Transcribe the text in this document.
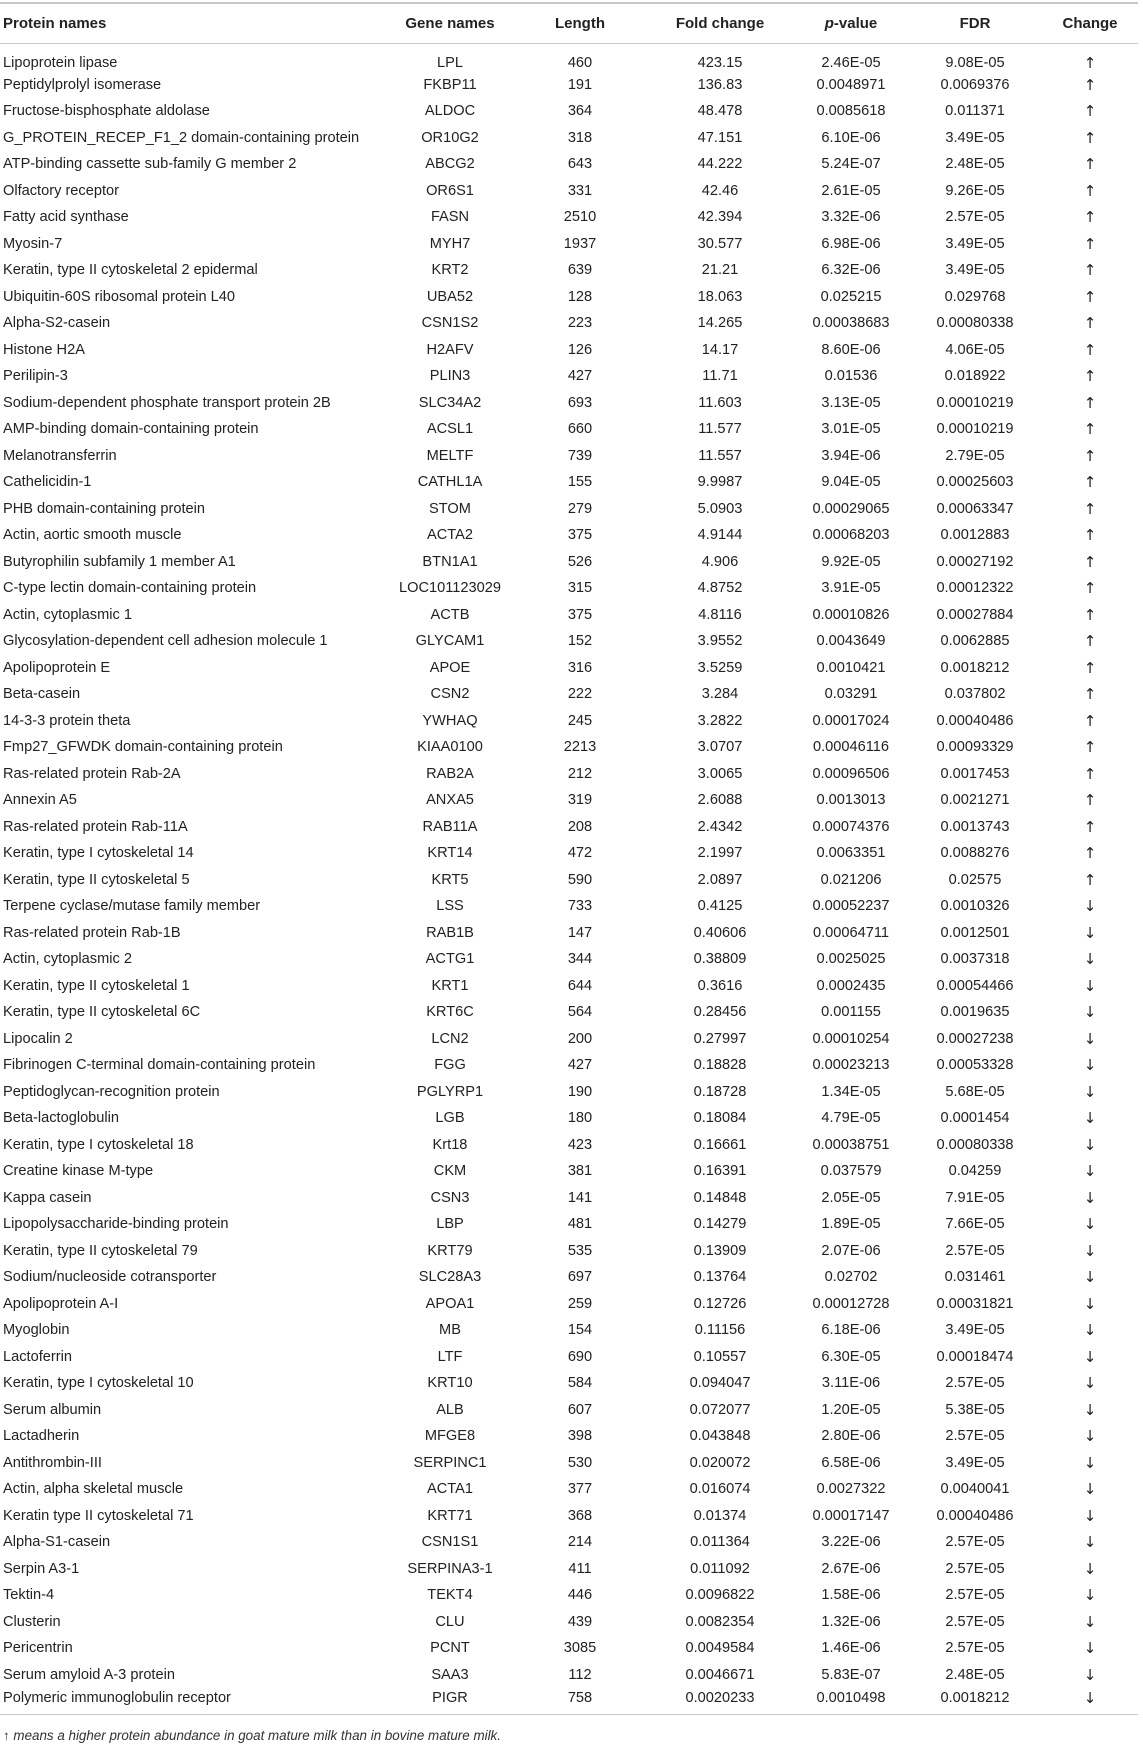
Protein names	Gene names	Length	Fold change	p-value	FDR	Change
Lipoprotein lipase	LPL	460	423.15	2.46E-05	9.08E-05	↑
Peptidylprolyl isomerase	FKBP11	191	136.83	0.0048971	0.0069376	↑
Fructose-bisphosphate aldolase	ALDOC	364	48.478	0.0085618	0.011371	↑
G_PROTEIN_RECEP_F1_2 domain-containing protein	OR10G2	318	47.151	6.10E-06	3.49E-05	↑
ATP-binding cassette sub-family G member 2	ABCG2	643	44.222	5.24E-07	2.48E-05	↑
Olfactory receptor	OR6S1	331	42.46	2.61E-05	9.26E-05	↑
Fatty acid synthase	FASN	2510	42.394	3.32E-06	2.57E-05	↑
Myosin-7	MYH7	1937	30.577	6.98E-06	3.49E-05	↑
Keratin, type II cytoskeletal 2 epidermal	KRT2	639	21.21	6.32E-06	3.49E-05	↑
Ubiquitin-60S ribosomal protein L40	UBA52	128	18.063	0.025215	0.029768	↑
Alpha-S2-casein	CSN1S2	223	14.265	0.00038683	0.00080338	↑
Histone H2A	H2AFV	126	14.17	8.60E-06	4.06E-05	↑
Perilipin-3	PLIN3	427	11.71	0.01536	0.018922	↑
Sodium-dependent phosphate transport protein 2B	SLC34A2	693	11.603	3.13E-05	0.00010219	↑
AMP-binding domain-containing protein	ACSL1	660	11.577	3.01E-05	0.00010219	↑
Melanotransferrin	MELTF	739	11.557	3.94E-06	2.79E-05	↑
Cathelicidin-1	CATHL1A	155	9.9987	9.04E-05	0.00025603	↑
PHB domain-containing protein	STOM	279	5.0903	0.00029065	0.00063347	↑
Actin, aortic smooth muscle	ACTA2	375	4.9144	0.00068203	0.0012883	↑
Butyrophilin subfamily 1 member A1	BTN1A1	526	4.906	9.92E-05	0.00027192	↑
C-type lectin domain-containing protein	LOC101123029	315	4.8752	3.91E-05	0.00012322	↑
Actin, cytoplasmic 1	ACTB	375	4.8116	0.00010826	0.00027884	↑
Glycosylation-dependent cell adhesion molecule 1	GLYCAM1	152	3.9552	0.0043649	0.0062885	↑
Apolipoprotein E	APOE	316	3.5259	0.0010421	0.0018212	↑
Beta-casein	CSN2	222	3.284	0.03291	0.037802	↑
14-3-3 protein theta	YWHAQ	245	3.2822	0.00017024	0.00040486	↑
Fmp27_GFWDK domain-containing protein	KIAA0100	2213	3.0707	0.00046116	0.00093329	↑
Ras-related protein Rab-2A	RAB2A	212	3.0065	0.00096506	0.0017453	↑
Annexin A5	ANXA5	319	2.6088	0.0013013	0.0021271	↑
Ras-related protein Rab-11A	RAB11A	208	2.4342	0.00074376	0.0013743	↑
Keratin, type I cytoskeletal 14	KRT14	472	2.1997	0.0063351	0.0088276	↑
Keratin, type II cytoskeletal 5	KRT5	590	2.0897	0.021206	0.02575	↑
Terpene cyclase/mutase family member	LSS	733	0.4125	0.00052237	0.0010326	↓
Ras-related protein Rab-1B	RAB1B	147	0.40606	0.00064711	0.0012501	↓
Actin, cytoplasmic 2	ACTG1	344	0.38809	0.0025025	0.0037318	↓
Keratin, type II cytoskeletal 1	KRT1	644	0.3616	0.0002435	0.00054466	↓
Keratin, type II cytoskeletal 6C	KRT6C	564	0.28456	0.001155	0.0019635	↓
Lipocalin 2	LCN2	200	0.27997	0.00010254	0.00027238	↓
Fibrinogen C-terminal domain-containing protein	FGG	427	0.18828	0.00023213	0.00053328	↓
Peptidoglycan-recognition protein	PGLYRP1	190	0.18728	1.34E-05	5.68E-05	↓
Beta-lactoglobulin	LGB	180	0.18084	4.79E-05	0.0001454	↓
Keratin, type I cytoskeletal 18	Krt18	423	0.16661	0.00038751	0.00080338	↓
Creatine kinase M-type	CKM	381	0.16391	0.037579	0.04259	↓
Kappa casein	CSN3	141	0.14848	2.05E-05	7.91E-05	↓
Lipopolysaccharide-binding protein	LBP	481	0.14279	1.89E-05	7.66E-05	↓
Keratin, type II cytoskeletal 79	KRT79	535	0.13909	2.07E-06	2.57E-05	↓
Sodium/nucleoside cotransporter	SLC28A3	697	0.13764	0.02702	0.031461	↓
Apolipoprotein A-I	APOA1	259	0.12726	0.00012728	0.00031821	↓
Myoglobin	MB	154	0.11156	6.18E-06	3.49E-05	↓
Lactoferrin	LTF	690	0.10557	6.30E-05	0.00018474	↓
Keratin, type I cytoskeletal 10	KRT10	584	0.094047	3.11E-06	2.57E-05	↓
Serum albumin	ALB	607	0.072077	1.20E-05	5.38E-05	↓
Lactadherin	MFGE8	398	0.043848	2.80E-06	2.57E-05	↓
Antithrombin-III	SERPINC1	530	0.020072	6.58E-06	3.49E-05	↓
Actin, alpha skeletal muscle	ACTA1	377	0.016074	0.0027322	0.0040041	↓
Keratin type II cytoskeletal 71	KRT71	368	0.01374	0.00017147	0.00040486	↓
Alpha-S1-casein	CSN1S1	214	0.011364	3.22E-06	2.57E-05	↓
Serpin A3-1	SERPINA3-1	411	0.011092	2.67E-06	2.57E-05	↓
Tektin-4	TEKT4	446	0.0096822	1.58E-06	2.57E-05	↓
Clusterin	CLU	439	0.0082354	1.32E-06	2.57E-05	↓
Pericentrin	PCNT	3085	0.0049584	1.46E-06	2.57E-05	↓
Serum amyloid A-3 protein	SAA3	112	0.0046671	5.83E-07	2.48E-05	↓
Polymeric immunoglobulin receptor	PIGR	758	0.0020233	0.0010498	0.0018212	↓
↑ means a higher protein abundance in goat mature milk than in bovine mature milk.
